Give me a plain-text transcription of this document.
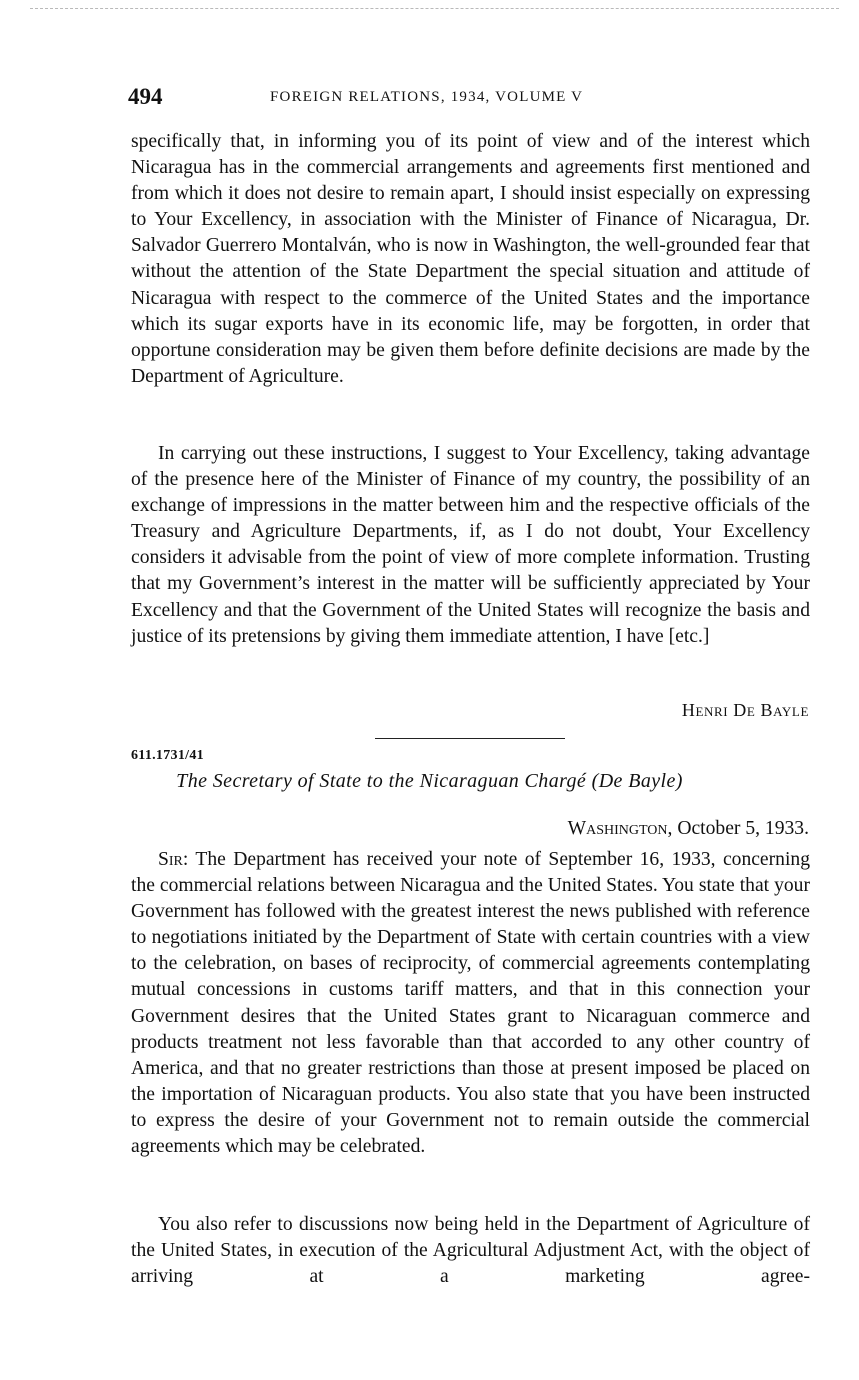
494	FOREIGN RELATIONS, 1934, VOLUME V

specifically that, in informing you of its point of view and of the interest which Nicaragua has in the commercial arrangements and agreements first mentioned and from which it does not desire to remain apart, I should insist especially on expressing to Your Excellency, in association with the Minister of Finance of Nicaragua, Dr. Salvador Guerrero Montalván, who is now in Washington, the well-grounded fear that without the attention of the State Department the special situation and attitude of Nicaragua with respect to the commerce of the United States and the importance which its sugar exports have in its economic life, may be forgotten, in order that opportune consideration may be given them before definite decisions are made by the Department of Agriculture.

In carrying out these instructions, I suggest to Your Excellency, taking advantage of the presence here of the Minister of Finance of my country, the possibility of an exchange of impressions in the matter between him and the respective officials of the Treasury and Agriculture Departments, if, as I do not doubt, Your Excellency considers it advisable from the point of view of more complete information. Trusting that my Government’s interest in the matter will be sufficiently appreciated by Your Excellency and that the Government of the United States will recognize the basis and justice of its pretensions by giving them immediate attention, I have [etc.]

Henri De Bayle
611.1731/41
The Secretary of State to the Nicaraguan Chargé (De Bayle)
Washington, October 5, 1933.

Sir: The Department has received your note of September 16, 1933, concerning the commercial relations between Nicaragua and the United States. You state that your Government has followed with the greatest interest the news published with reference to negotiations initiated by the Department of State with certain countries with a view to the celebration, on bases of reciprocity, of commercial agreements contemplating mutual concessions in customs tariff matters, and that in this connection your Government desires that the United States grant to Nicaraguan commerce and products treatment not less favorable than that accorded to any other country of America, and that no greater restrictions than those at present imposed be placed on the importation of Nicaraguan products. You also state that you have been instructed to express the desire of your Government not to remain outside the commercial agreements which may be celebrated.

You also refer to discussions now being held in the Department of Agriculture of the United States, in execution of the Agricultural Adjustment Act, with the object of arriving at a marketing agree-
